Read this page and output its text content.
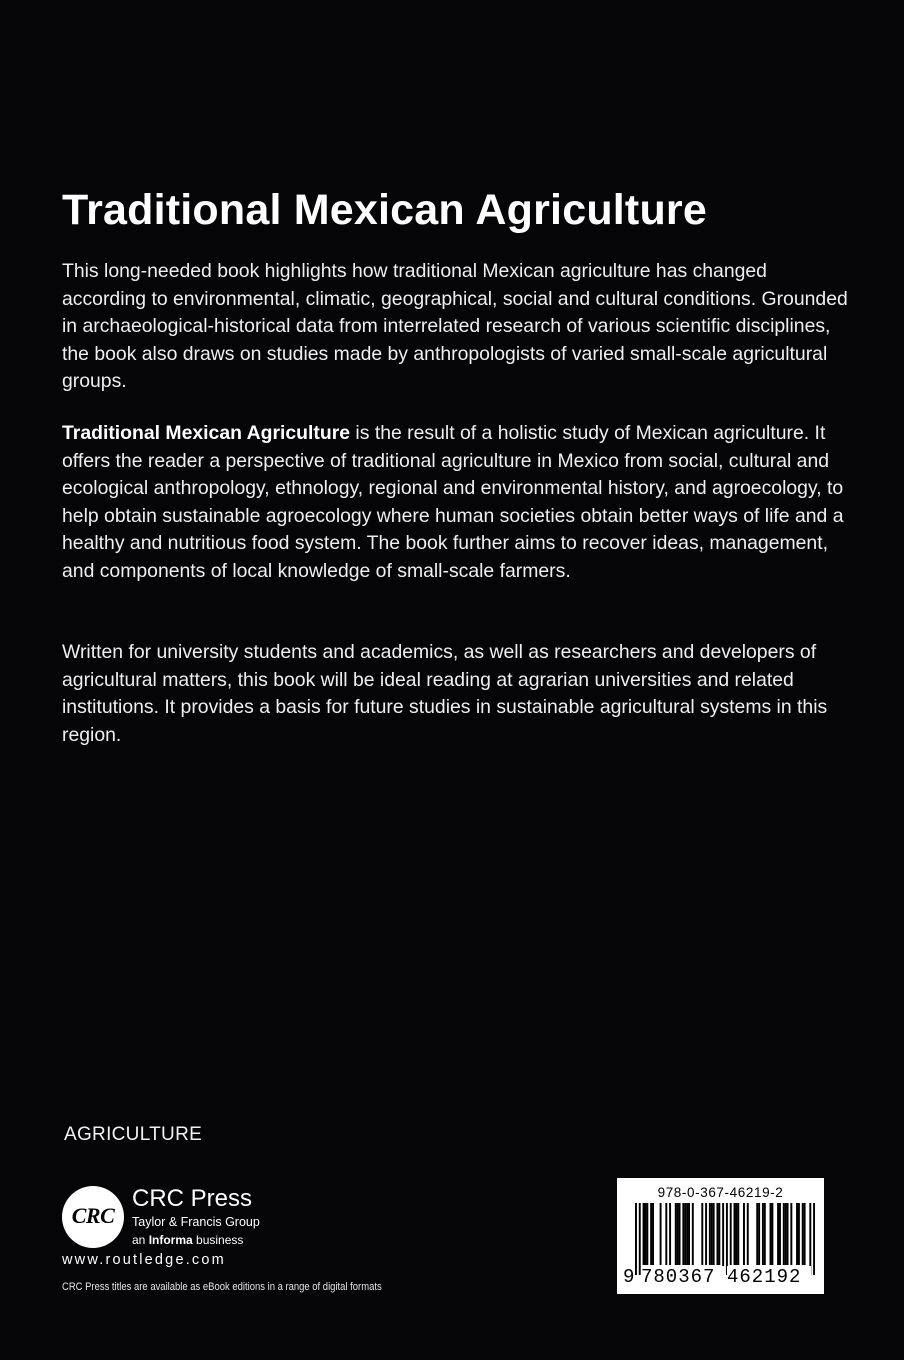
Traditional Mexican Agriculture

This long-needed book highlights how traditional Mexican agriculture has changed according to environmental, climatic, geographical, social and cultural conditions. Grounded in archaeological-historical data from interrelated research of various scientific disciplines, the book also draws on studies made by anthropologists of varied small-scale agricultural groups.

Traditional Mexican Agriculture is the result of a holistic study of Mexican agriculture. It offers the reader a perspective of traditional agriculture in Mexico from social, cultural and ecological anthropology, ethnology, regional and environmental history, and agroecology, to help obtain sustainable agroecology where human societies obtain better ways of life and a healthy and nutritious food system. The book further aims to recover ideas, management, and components of local knowledge of small-scale farmers.

Written for university students and academics, as well as researchers and developers of agricultural matters, this book will be ideal reading at agrarian universities and related institutions. It provides a basis for future studies in sustainable agricultural systems in this region.

AGRICULTURE

CRC

CRC Press

Taylor & Francis Group

an Informa business

www.routledge.com

CRC Press titles are available as eBook editions in a range of digital formats

978-0-367-46219-2

9 780367 462192
